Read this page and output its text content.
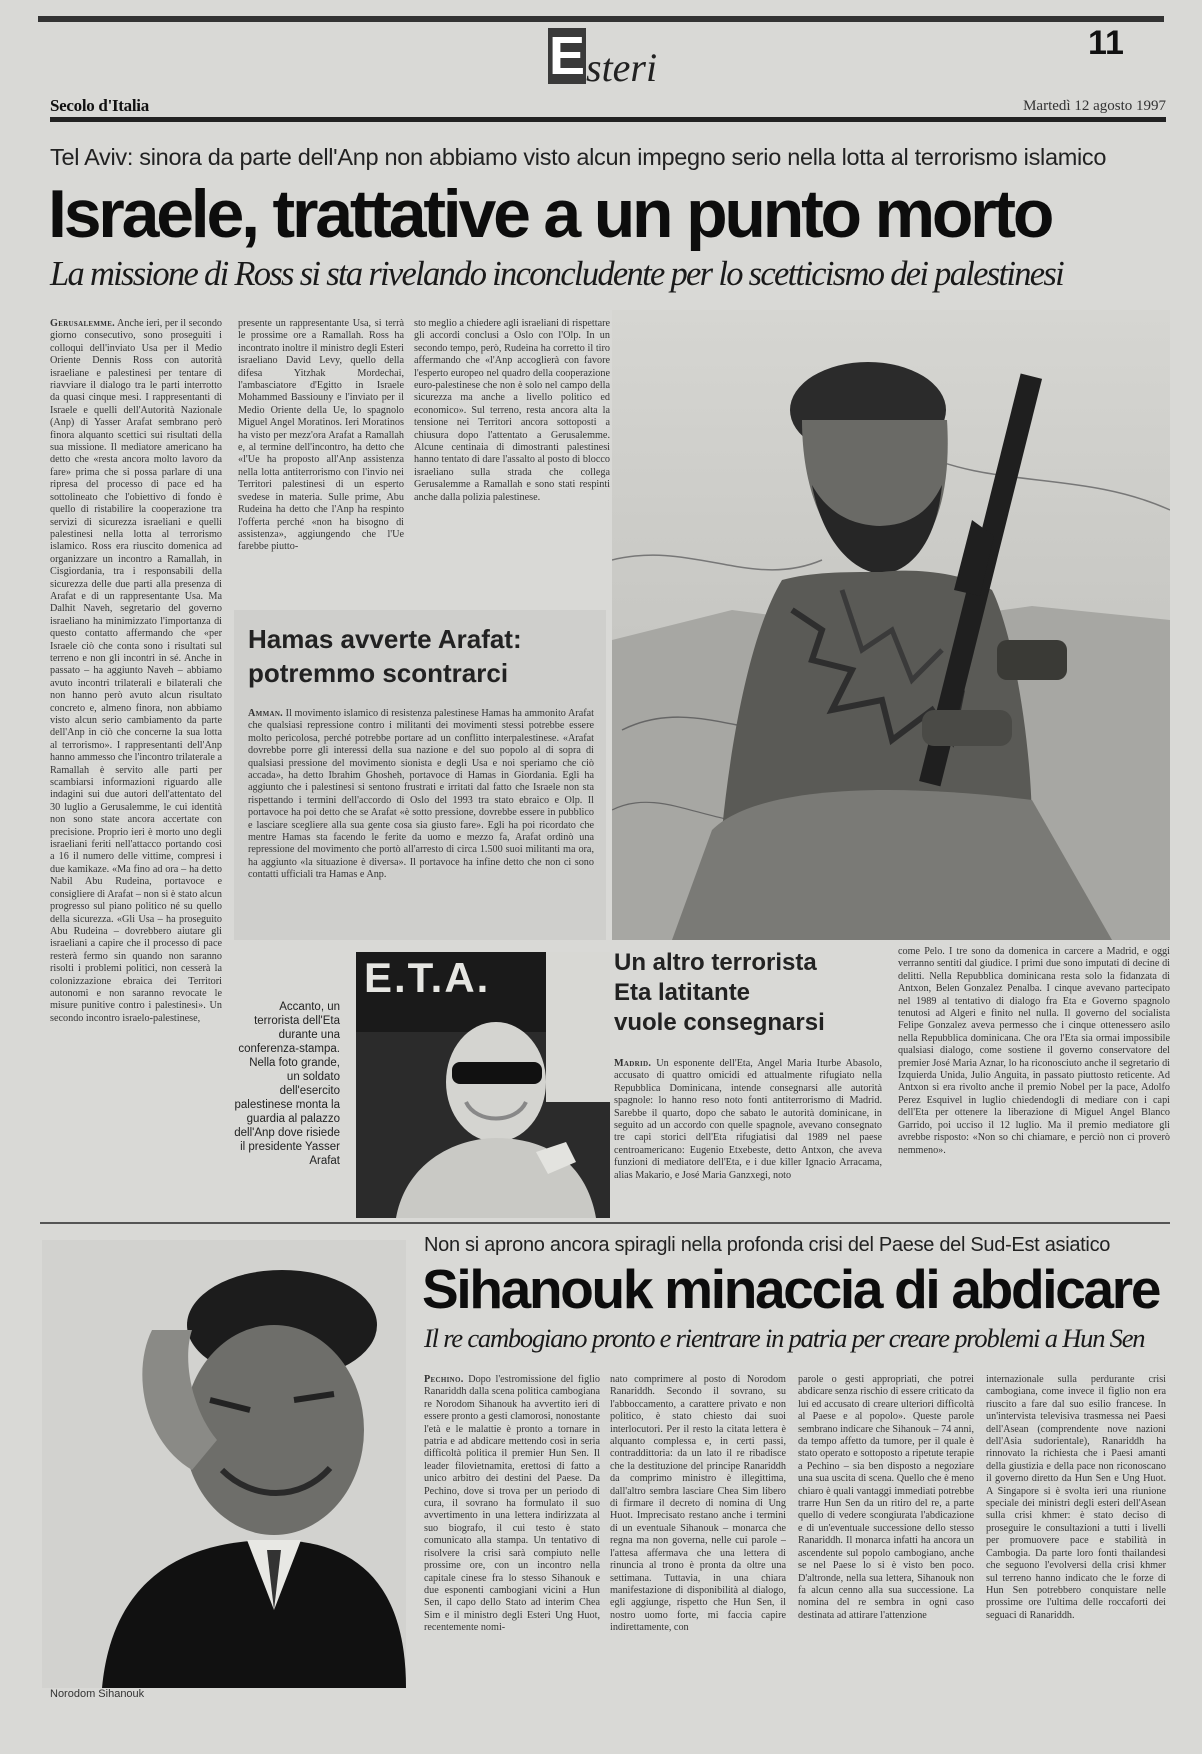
E steri
11
Secolo d'Italia	Martedì 12 agosto 1997
Tel Aviv: sinora da parte dell'Anp non abbiamo visto alcun impegno serio nella lotta al terrorismo islamico
Israele, trattative a un punto morto
La missione di Ross si sta rivelando inconcludente per lo scetticismo dei palestinesi
Gerusalemme. Anche ieri, per il secondo giorno consecutivo, sono proseguiti i colloqui dell'inviato Usa per il Medio Oriente Dennis Ross con autorità israeliane e palestinesi per tentare di riavviare il dialogo tra le parti interrotto da quasi cinque mesi. I rappresentanti di Israele e quelli dell'Autorità Nazionale (Anp) di Yasser Arafat sembrano però finora alquanto scettici sui risultati della sua missione. Il mediatore americano ha detto che «resta ancora molto lavoro da fare» prima che si possa parlare di una ripresa del processo di pace ed ha sottolineato che l'obiettivo di fondo è quello di ristabilire la cooperazione tra servizi di sicurezza israeliani e quelli palestinesi nella lotta al terrorismo islamico. Ross era riuscito domenica ad organizzare un incontro a Ramallah, in Cisgiordania, tra i responsabili della sicurezza delle due parti alla presenza di Arafat e di un rappresentante Usa. Ma Dalhit Naveh, segretario del governo israeliano ha minimizzato l'importanza di questo contatto affermando che «per Israele ciò che conta sono i risultati sul terreno e non gli incontri in sé. Anche in passato – ha aggiunto Naveh – abbiamo avuto incontri trilaterali e bilaterali che non hanno però avuto alcun risultato concreto e, almeno finora, non abbiamo visto alcun serio cambiamento da parte dell'Anp in ciò che concerne la sua lotta al terrorismo». I rappresentanti dell'Anp hanno ammesso che l'incontro trilaterale a Ramallah è servito alle parti per scambiarsi informazioni riguardo alle indagini sui due autori dell'attentato del 30 luglio a Gerusalemme, le cui identità non sono state ancora accertate con precisione. Proprio ieri è morto uno degli israeliani feriti nell'attacco portando così a 16 il numero delle vittime, compresi i due kamikaze. «Ma fino ad ora – ha detto Nabil Abu Rudeina, portavoce e consigliere di Arafat – non si è stato alcun progresso sul piano politico né su quello della sicurezza. «Gli Usa – ha proseguito Abu Rudeina – dovrebbero aiutare gli israeliani a capire che il processo di pace resterà fermo sin quando non saranno risolti i problemi politici, non cesserà la colonizzazione ebraica dei Territori autonomi e non saranno revocate le misure punitive contro i palestinesi». Un secondo incontro israelo-palestinese,
presente un rappresentante Usa, si terrà le prossime ore a Ramallah. Ross ha incontrato inoltre il ministro degli Esteri israeliano David Levy, quello della difesa Yitzhak Mordechai, l'ambasciatore d'Egitto in Israele Mohammed Bassiouny e l'inviato per il Medio Oriente della Ue, lo spagnolo Miguel Angel Moratinos. Ieri Moratinos ha visto per mezz'ora Arafat a Ramallah e, al termine dell'incontro, ha detto che «l'Ue ha proposto all'Anp assistenza nella lotta antiterrorismo con l'invio nei Territori palestinesi di un esperto svedese in materia. Sulle prime, Abu Rudeina ha detto che l'Anp ha respinto l'offerta perché «non ha bisogno di assistenza», aggiungendo che l'Ue farebbe piutto-
sto meglio a chiedere agli israeliani di rispettare gli accordi conclusi a Oslo con l'Olp. In un secondo tempo, però, Rudeina ha corretto il tiro affermando che «l'Anp accoglierà con favore l'esperto europeo nel quadro della cooperazione euro-palestinese che non è solo nel campo della sicurezza ma anche a livello politico ed economico». Sul terreno, resta ancora alta la tensione nei Territori ancora sottoposti a chiusura dopo l'attentato a Gerusalemme. Alcune centinaia di dimostranti palestinesi hanno tentato di dare l'assalto al posto di blocco israeliano sulla strada che collega Gerusalemme a Ramallah e sono stati respinti anche dalla polizia palestinese.
Hamas avverte Arafat:
potremmo scontrarci
Amman. Il movimento islamico di resistenza palestinese Hamas ha ammonito Arafat che qualsiasi repressione contro i militanti dei movimenti stessi potrebbe essere molto pericolosa, perché potrebbe portare ad un conflitto interpalestinese. «Arafat dovrebbe porre gli interessi della sua nazione e del suo popolo al di sopra di qualsiasi pressione del movimento sionista e degli Usa e noi speriamo che ciò accada», ha detto Ibrahim Ghosheh, portavoce di Hamas in Giordania. Egli ha aggiunto che i palestinesi si sentono frustrati e irritati dal fatto che Israele non sta rispettando i termini dell'accordo di Oslo del 1993 tra stato ebraico e Olp. Il portavoce ha poi detto che se Arafat «è sotto pressione, dovrebbe essere in pubblico e lasciare scegliere alla sua gente cosa sia giusto fare». Egli ha poi ricordato che mentre Hamas sta facendo le ferite da uomo e mezzo fa, Arafat ordinò una repressione del movimento che portò all'arresto di circa 1.500 suoi militanti ma ora, ha aggiunto «la situazione è diversa». Il portavoce ha infine detto che non ci sono contatti ufficiali tra Hamas e Anp.
Accanto, un terrorista dell'Eta durante una conferenza-stampa. Nella foto grande, un soldato dell'esercito palestinese monta la guardia al palazzo dell'Anp dove risiede il presidente Yasser Arafat
E.T.A.	Un altro terrorista
Eta latitante
vuole consegnarsi
Madrid. Un esponente dell'Eta, Angel Maria Iturbe Abasolo, accusato di quattro omicidi ed attualmente rifugiato nella Repubblica Dominicana, intende consegnarsi alle autorità spagnole: lo hanno reso noto fonti antiterrorismo di Madrid. Sarebbe il quarto, dopo che sabato le autorità dominicane, in seguito ad un accordo con quelle spagnole, avevano consegnato tre capi storici dell'Eta rifugiatisi dal 1989 nel paese centroamericano: Eugenio Etxebeste, detto Antxon, che aveva funzioni di mediatore dell'Eta, e i due killer Ignacio Arracama, alias Makario, e José Maria Ganzxegi, noto
come Pelo. I tre sono da domenica in carcere a Madrid, e oggi verranno sentiti dal giudice. I primi due sono imputati di decine di delitti. Nella Repubblica dominicana resta solo la fidanzata di Antxon, Belen Gonzalez Penalba. I cinque avevano partecipato nel 1989 al tentativo di dialogo fra Eta e Governo spagnolo tenutosi ad Algeri e finito nel nulla. Il governo del socialista Felipe Gonzalez aveva permesso che i cinque ottenessero asilo nella Repubblica dominicana. Che ora l'Eta sia ormai impossibile qualsiasi dialogo, come sostiene il governo conservatore del premier José Maria Aznar, lo ha riconosciuto anche il segretario di Izquierda Unida, Julio Anguita, in passato piuttosto reticente. Ad Antxon si era rivolto anche il premio Nobel per la pace, Adolfo Perez Esquivel in luglio chiedendogli di mediare con i capi dell'Eta per ottenere la liberazione di Miguel Angel Blanco Garrido, poi ucciso il 12 luglio. Ma il premio mediatore gli avrebbe risposto: «Non so chi chiamare, e perciò non ci proverò nemmeno».
Norodom Sihanouk
Non si aprono ancora spiragli nella profonda crisi del Paese del Sud-Est asiatico
Sihanouk minaccia di abdicare
Il re cambogiano pronto e rientrare in patria per creare problemi a Hun Sen
Pechino. Dopo l'estromissione del figlio Ranariddh dalla scena politica cambogiana re Norodom Sihanouk ha avvertito ieri di essere pronto a gesti clamorosi, nonostante l'età e le malattie è pronto a tornare in patria e ad abdicare mettendo così in seria difficoltà politica il premier Hun Sen. Il leader filovietnamita, erettosi di fatto a unico arbitro dei destini del Paese. Da Pechino, dove si trova per un periodo di cura, il sovrano ha formulato il suo avvertimento in una lettera indirizzata al suo biografo, il cui testo è stato comunicato alla stampa. Un tentativo di risolvere la crisi sarà compiuto nelle prossime ore, con un incontro nella capitale cinese fra lo stesso Sihanouk e due esponenti cambogiani vicini a Hun Sen, il capo dello Stato ad interim Chea Sim e il ministro degli Esteri Ung Huot, recentemente nomi-
nato comprimere al posto di Norodom Ranariddh. Secondo il sovrano, su l'abboccamento, a carattere privato e non politico, è stato chiesto dai suoi interlocutori. Per il resto la citata lettera è alquanto complessa e, in certi passi, contraddittoria: da un lato il re ribadisce che la destituzione del principe Ranariddh da comprimo ministro è illegittima, dall'altro sembra lasciare Chea Sim libero di firmare il decreto di nomina di Ung Huot. Imprecisato restano anche i termini di un eventuale Sihanouk – monarca che regna ma non governa, nelle cui parole – l'attesa affermava che una lettera di rinuncia al trono è pronta da oltre una settimana. Tuttavia, in una chiara manifestazione di disponibilità al dialogo, egli aggiunge, rispetto che Hun Sen, il nostro uomo forte, mi faccia capire indirettamente, con
parole o gesti appropriati, che potrei abdicare senza rischio di essere criticato da lui ed accusato di creare ulteriori difficoltà al Paese e al popolo». Queste parole sembrano indicare che Sihanouk – 74 anni, da tempo affetto da tumore, per il quale è stato operato e sottoposto a ripetute terapie a Pechino – sia ben disposto a negoziare una sua uscita di scena. Quello che è meno chiaro è quali vantaggi immediati potrebbe trarre Hun Sen da un ritiro del re, a parte quello di vedere scongiurata l'abdicazione e di un'eventuale successione dello stesso Ranariddh. Il monarca infatti ha ancora un ascendente sul popolo cambogiano, anche se nel Paese lo si è visto ben poco. D'altronde, nella sua lettera, Sihanouk non fa alcun cenno alla sua successione. La nomina del re sembra in ogni caso destinata ad attirare l'attenzione
internazionale sulla perdurante crisi cambogiana, come invece il figlio non era riuscito a fare dal suo esilio francese. In un'intervista televisiva trasmessa nei Paesi dell'Asean (comprendente nove nazioni dell'Asia sudorientale), Ranariddh ha rinnovato la richiesta che i Paesi amanti della giustizia e della pace non riconoscano il governo diretto da Hun Sen e Ung Huot. A Singapore si è svolta ieri una riunione speciale dei ministri degli esteri dell'Asean sulla crisi khmer: è stato deciso di proseguire le consultazioni a tutti i livelli per promuovere pace e stabilità in Cambogia. Da parte loro fonti thailandesi che seguono l'evolversi della crisi khmer sul terreno hanno indicato che le forze di Hun Sen potrebbero conquistare nelle prossime ore l'ultima delle roccaforti dei seguaci di Ranariddh.
